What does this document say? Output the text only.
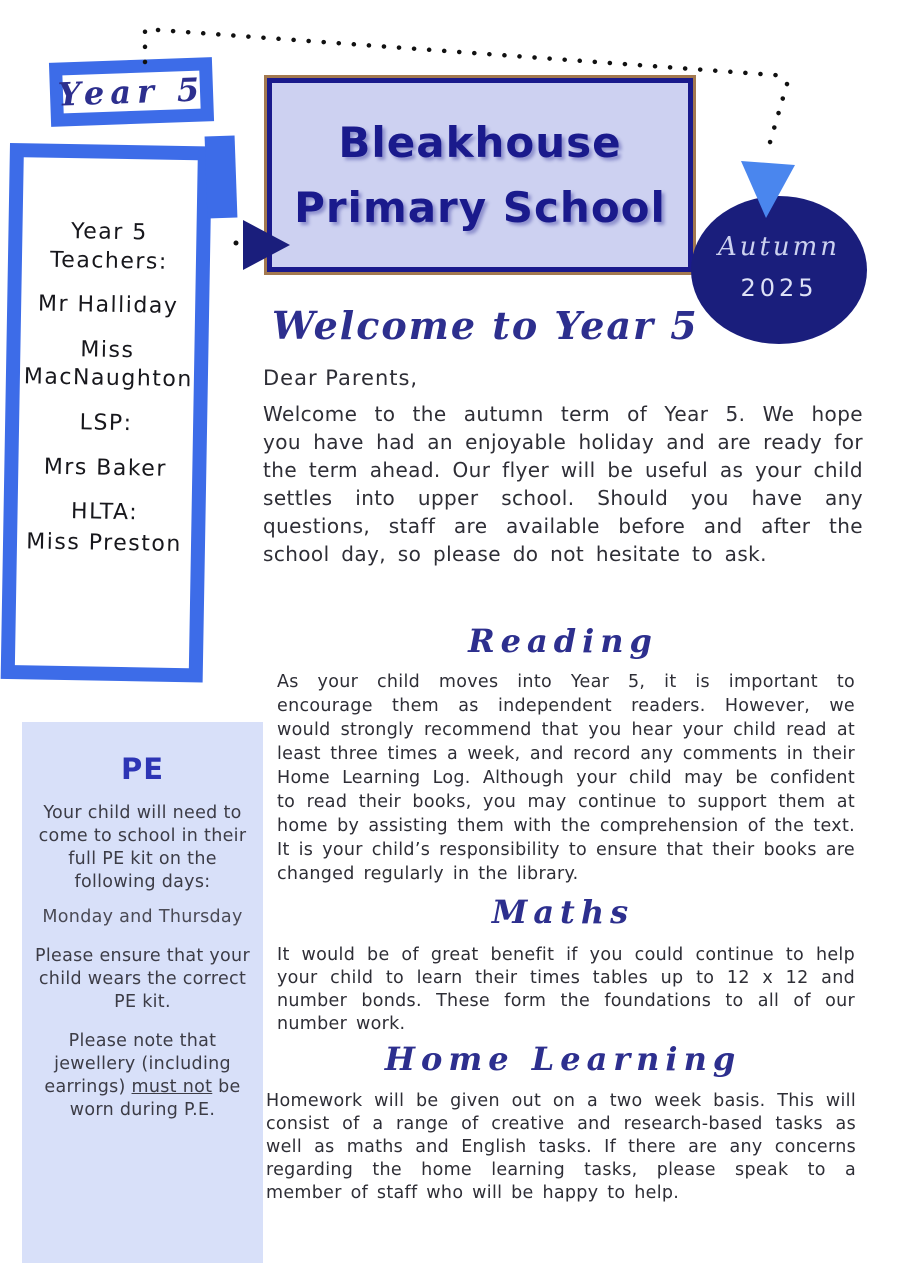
Bleakhouse
Primary School
Autumn
2025
Year 5
Year 5 Teachers:
Mr Halliday
Miss MacNaughton
LSP:
Mrs Baker
HLTA:
Miss Preston
Welcome to Year 5
Dear Parents,
Welcome to the autumn term of Year 5. We hope you have had an enjoyable holiday and are ready for the term ahead. Our flyer will be useful as your child settles into upper school. Should you have any questions, staff are available before and after the school day, so please do not hesitate to ask.
Reading
As your child moves into Year 5, it is important to encourage them as independent readers. However, we would strongly recommend that you hear your child read at least three times a week, and record any comments in their Home Learning Log. Although your child may be confident to read their books, you may continue to support them at home by assisting them with the comprehension of the text. It is your child’s responsibility to ensure that their books are changed regularly in the library.
Maths
It would be of great benefit if you could continue to help your child to learn their times tables up to 12 x 12 and number bonds. These form the foundations to all of our number work.
Home Learning
Homework will be given out on a two week basis. This will consist of a range of creative and research-based tasks as well as maths and English tasks. If there are any concerns regarding the home learning tasks, please speak to a member of staff who will be happy to help.
PE

Your child will need to come to school in their full PE kit on the following days:

Monday and Thursday

Please ensure that your child wears the correct PE kit.

Please note that jewellery (including earrings) must not be worn during P.E.
